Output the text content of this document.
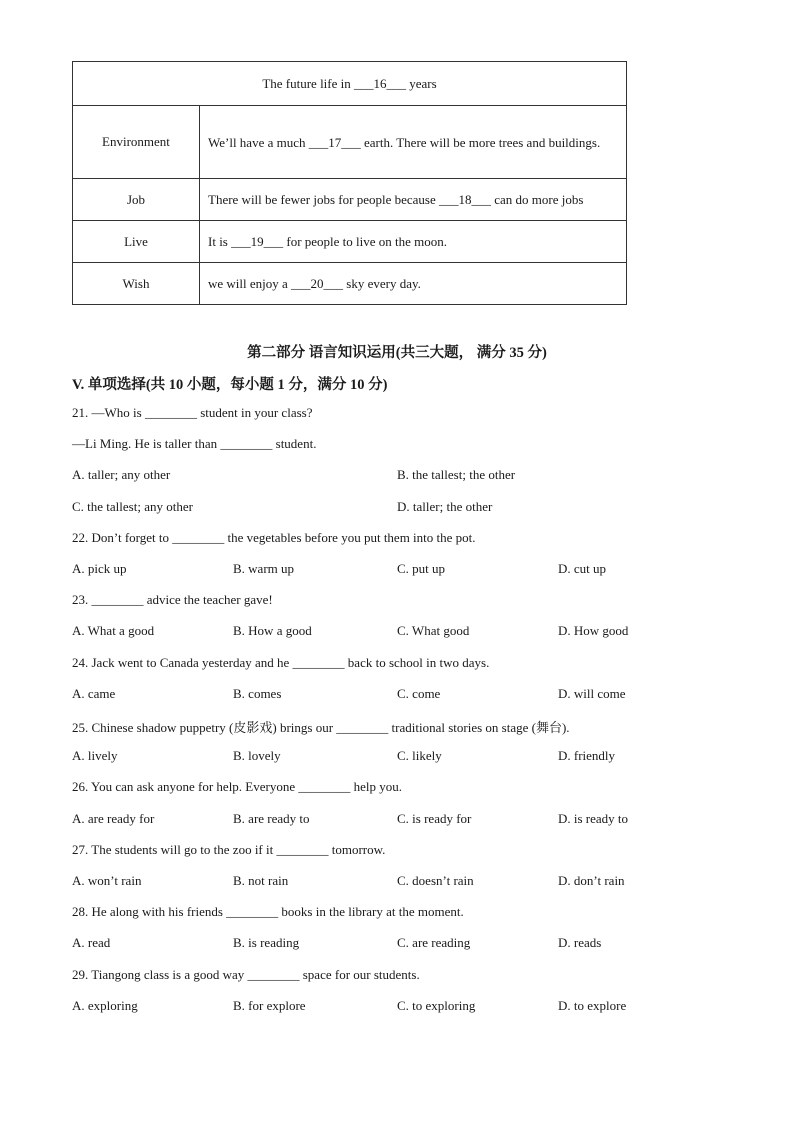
The future life in ___16___ years	
Environment	We’ll have a much ___17___ earth. There will be more trees and buildings.
Job	There will be fewer jobs for people because ___18___ can do more jobs
Live	It is ___19___ for people to live on the moon.
Wish	we will enjoy a ___20___ sky every day.
第二部分 语言知识运用(共三大题， 满分 35 分)
V. 单项选择(共 10 小题，每小题 1 分，满分 10 分)
21. —Who is ________ student in your class?
—Li Ming. He is taller than ________ student.
A. taller; any other	B. the tallest; the other
C. the tallest; any other	D. taller; the other
22. Don’t forget to ________ the vegetables before you put them into the pot.
A. pick up	B. warm up	C. put up	D. cut up
23. ________ advice the teacher gave!
A. What a good	B. How a good	C. What good	D. How good
24. Jack went to Canada yesterday and he ________ back to school in two days.
A. came	B. comes	C. come	D. will come
25. Chinese shadow puppetry (皮影戏) brings our ________ traditional stories on stage (舞台).
A. lively	B. lovely	C. likely	D. friendly
26. You can ask anyone for help. Everyone ________ help you.
A. are ready for	B. are ready to	C. is ready for	D. is ready to
27. The students will go to the zoo if it ________ tomorrow.
A. won’t rain	B. not rain	C. doesn’t rain	D. don’t rain
28. He along with his friends ________ books in the library at the moment.
A. read	B. is reading	C. are reading	D. reads
29. Tiangong class is a good way ________ space for our students.
A. exploring	B. for explore	C. to exploring	D. to explore
